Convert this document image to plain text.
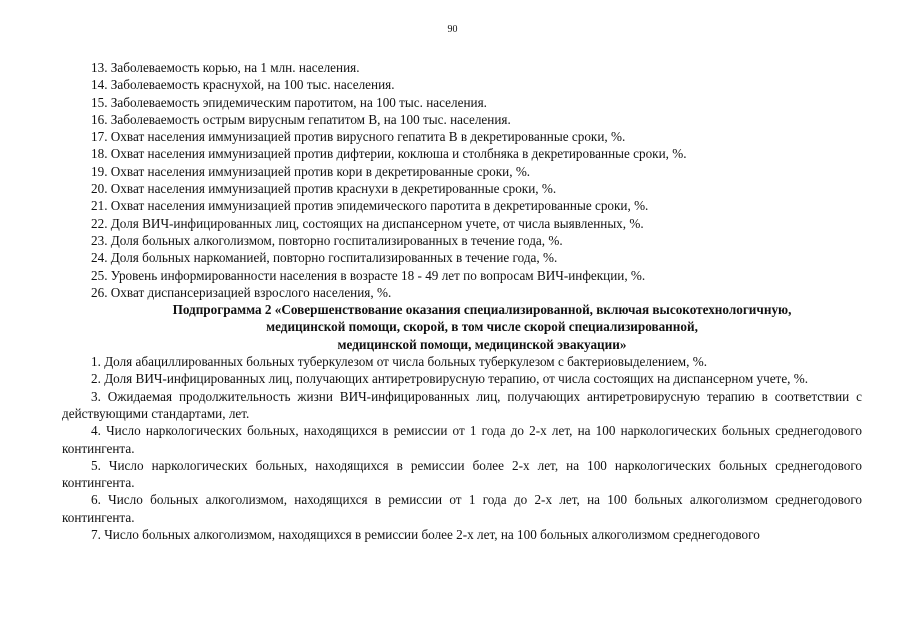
90
13. Заболеваемость корью, на 1 млн. населения.
14. Заболеваемость краснухой, на 100 тыс. населения.
15. Заболеваемость эпидемическим паротитом, на 100 тыс. населения.
16. Заболеваемость острым вирусным гепатитом В, на 100 тыс. населения.
17. Охват населения иммунизацией против вирусного гепатита В в декретированные сроки, %.
18. Охват населения иммунизацией против дифтерии, коклюша и столбняка в декретированные сроки, %.
19. Охват населения иммунизацией против кори в декретированные сроки, %.
20. Охват населения иммунизацией против краснухи в декретированные сроки, %.
21. Охват населения иммунизацией против эпидемического паротита в декретированные сроки, %.
22. Доля ВИЧ-инфицированных лиц, состоящих на диспансерном учете, от числа выявленных, %.
23. Доля больных алкоголизмом, повторно госпитализированных в течение года, %.
24. Доля больных наркоманией, повторно госпитализированных в течение года, %.
25. Уровень информированности населения в возрасте 18 - 49 лет по вопросам ВИЧ-инфекции, %.
26. Охват диспансеризацией взрослого населения, %.
Подпрограмма 2 «Совершенствование оказания специализированной, включая высокотехнологичную,
медицинской помощи, скорой, в том числе скорой специализированной,
медицинской помощи, медицинской эвакуации»
1. Доля абациллированных больных туберкулезом от числа больных туберкулезом с бактериовыделением, %.
2. Доля ВИЧ-инфицированных лиц, получающих антиретровирусную терапию, от числа состоящих на диспансерном учете, %.
3. Ожидаемая продолжительность жизни ВИЧ-инфицированных лиц, получающих антиретровирусную терапию в соответствии с действующими стандартами, лет.
4. Число наркологических больных, находящихся в ремиссии от 1 года до 2-х лет, на 100 наркологических больных среднегодового контингента.
5. Число наркологических больных, находящихся в ремиссии более 2-х лет, на 100 наркологических больных среднегодового контингента.
6. Число больных алкоголизмом, находящихся в ремиссии от 1 года до 2-х лет, на 100 больных алкоголизмом среднегодового контингента.
7. Число больных алкоголизмом, находящихся в ремиссии более 2-х лет, на 100 больных алкоголизмом среднегодового
